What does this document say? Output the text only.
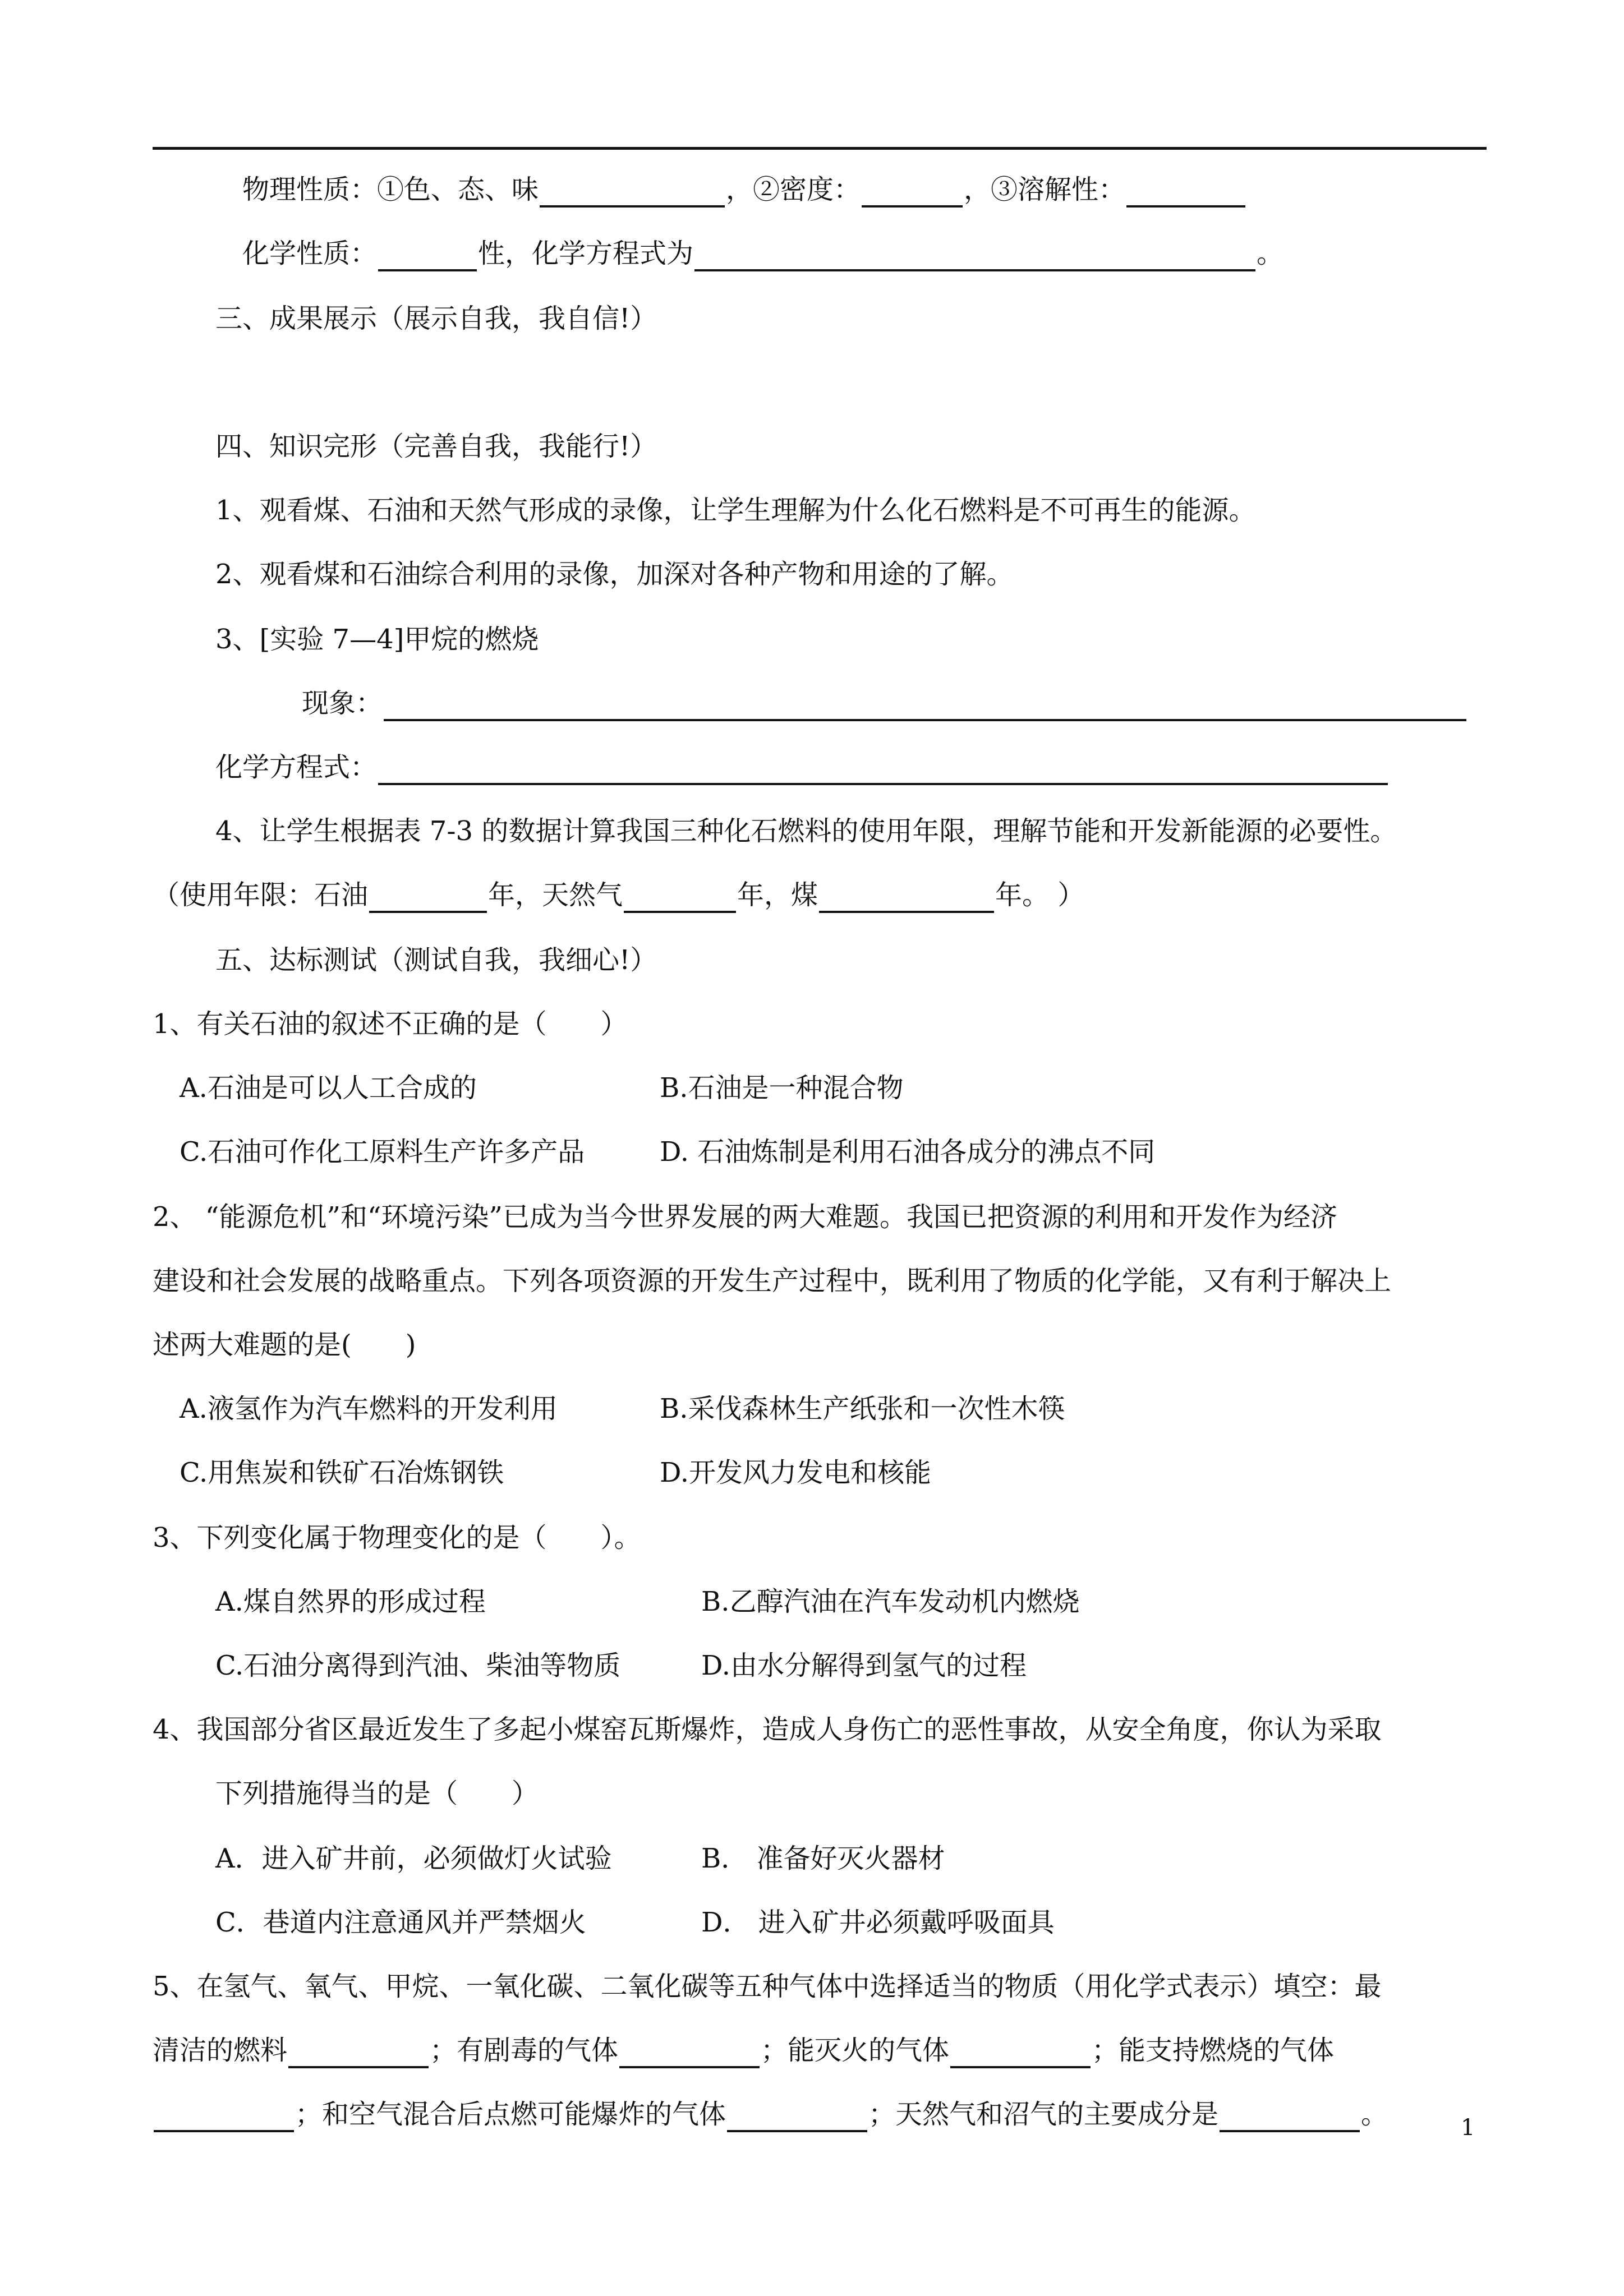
物理性质：①色、态、味	，②密度：	，③溶解性：
化学性质：	性，化学方程式为	。
三、成果展示（展示自我，我自信!）
四、知识完形（完善自我，我能行!）
1、观看煤、石油和天然气形成的录像，让学生理解为什么化石燃料是不可再生的能源。
2、观看煤和石油综合利用的录像，加深对各种产物和用途的了解。
3、[实验 7—4]甲烷的燃烧
现象：
化学方程式：
4、让学生根据表 7-3 的数据计算我国三种化石燃料的使用年限，理解节能和开发新能源的必要性。
（使用年限：石油	年，天然气	年，煤	年。 ）
五、达标测试（测试自我，我细心!）
1、有关石油的叙述不正确的是（　　）
A.石油是可以人工合成的	B.石油是一种混合物
C.石油可作化工原料生产许多产品	D. 石油炼制是利用石油各成分的沸点不同
2、 “能源危机”和“环境污染”已成为当今世界发展的两大难题。我国已把资源的利用和开发作为经济
建设和社会发展的战略重点。下列各项资源的开发生产过程中，既利用了物质的化学能，又有利于解决上
述两大难题的是(　　)
A.液氢作为汽车燃料的开发利用	B.采伐森林生产纸张和一次性木筷
C.用焦炭和铁矿石冶炼钢铁	D.开发风力发电和核能
3、下列变化属于物理变化的是（　　）。
A.煤自然界的形成过程	B.乙醇汽油在汽车发动机内燃烧
C.石油分离得到汽油、柴油等物质	D.由水分解得到氢气的过程
4、我国部分省区最近发生了多起小煤窑瓦斯爆炸，造成人身伤亡的恶性事故，从安全角度，你认为采取
下列措施得当的是（　　）
A．进入矿井前，必须做灯火试验	B． 准备好灭火器材
C．巷道内注意通风并严禁烟火	D． 进入矿井必须戴呼吸面具
5、在氢气、氧气、甲烷、一氧化碳、二氧化碳等五种气体中选择适当的物质（用化学式表示）填空：最
清洁的燃料	；有剧毒的气体	；能灭火的气体	；能支持燃烧的气体
；和空气混合后点燃可能爆炸的气体	；天然气和沼气的主要成分是	。	1
